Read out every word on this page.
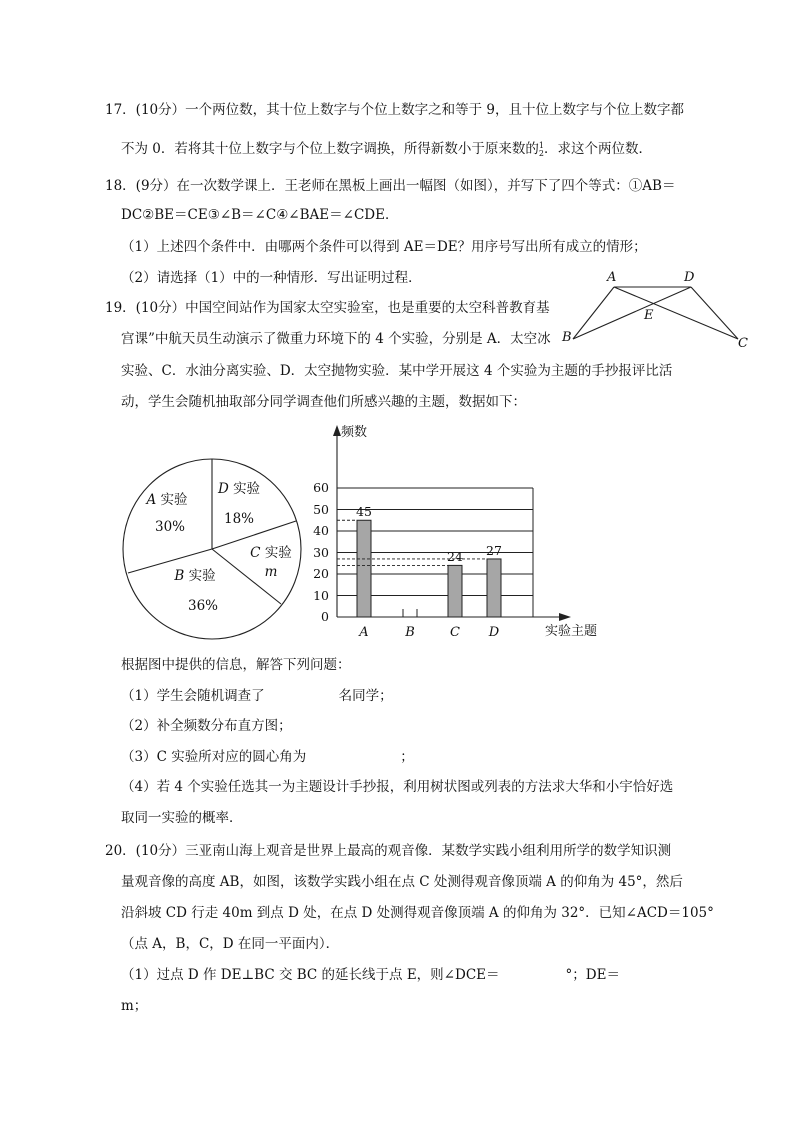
17．(10分）一个两位数，其十位上数字与个位上数字之和等于 9，且十位上数字与个位上数字都
不为 0．若将其十位上数字与个位上数字调换，所得新数小于原来数的 1
2 ．求这个两位数．
18．(9分）在一次数学课上．王老师在黑板上画出一幅图（如图），并写下了四个等式：①AB＝
DC②BE＝CE③∠B＝∠C④∠BAE＝∠CDE．
（1）上述四个条件中．由哪两个条件可以得到 AE＝DE？用序号写出所有成立的情形；
（2）请选择（1）中的一种情形．写出证明过程．
19．(10分）中国空间站作为国家太空实验室，也是重要的太空科普教育基
宫课”中航天员生动演示了微重力环境下的 4 个实验，分别是 A．太空冰
实验、C．水油分离实验、D．太空抛物实验．某中学开展这 4 个实验为主题的手抄报评比活
动，学生会随机抽取部分同学调查他们所感兴趣的主题，数据如下：
A	D
E
B	C
A 实验
30%
D 实验
18%
C 实验
m
B 实验
36%
频数
实验主题
0
10
20
30
40
50
60
45
A	B
24
C
27
D
根据图中提供的信息，解答下列问题：
（1）学生会随机调查了	名同学；
（2）补全频数分布直方图；
（3）C 实验所对应的圆心角为	；
（4）若 4 个实验任选其一为主题设计手抄报，利用树状图或列表的方法求大华和小宇恰好选
取同一实验的概率．
20．(10分）三亚南山海上观音是世界上最高的观音像．某数学实践小组利用所学的数学知识测
量观音像的高度 AB，如图，该数学实践小组在点 C 处测得观音像顶端 A 的仰角为 45°，然后
沿斜坡 CD 行走 40m 到点 D 处，在点 D 处测得观音像顶端 A 的仰角为 32°．已知∠ACD＝105°
（点 A，B，C，D 在同一平面内）．
（1）过点 D 作 DE⊥BC 交 BC 的延长线于点 E，则∠DCE＝	°；DE＝
m；
